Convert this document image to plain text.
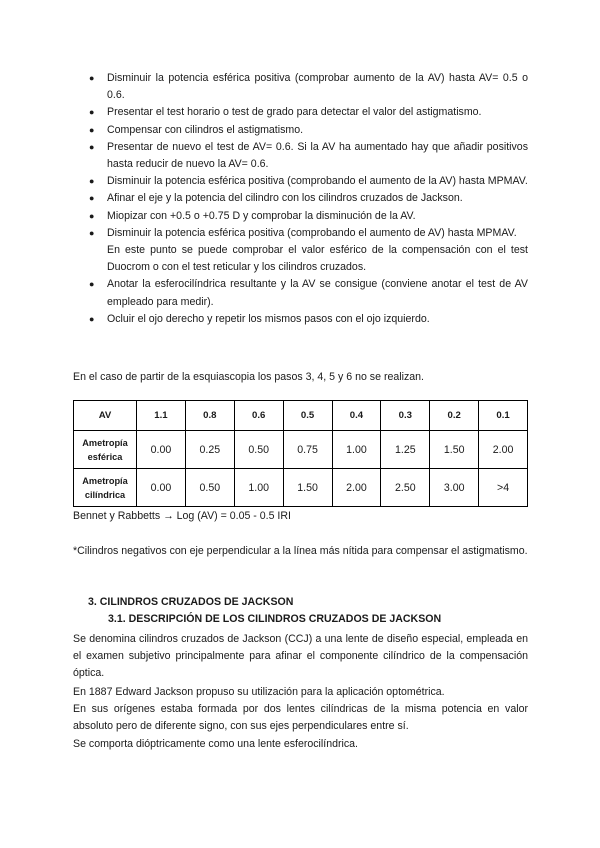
● Disminuir la potencia esférica positiva (comprobar aumento de la AV) hasta AV= 0.5 o 0.6.
● Presentar el test horario o test de grado para detectar el valor del astigmatismo.
● Compensar con cilindros el astigmatismo.
● Presentar de nuevo el test de AV= 0.6. Si la AV ha aumentado hay que añadir positivos hasta reducir de nuevo la AV= 0.6.
● Disminuir la potencia esférica positiva (comprobando el aumento de la AV) hasta MPMAV.
● Afinar el eje y la potencia del cilindro con los cilindros cruzados de Jackson.
● Miopizar con +0.5 o +0.75 D y comprobar la disminución de la AV.
● Disminuir la potencia esférica positiva (comprobando el aumento de AV) hasta MPMAV.
En este punto se puede comprobar el valor esférico de la compensación con el test Duocrom o con el test reticular y los cilindros cruzados.
● Anotar la esferocilíndrica resultante y la AV se consigue (conviene anotar el test de AV empleado para medir).
● Ocluir el ojo derecho y repetir los mismos pasos con el ojo izquierdo.

En el caso de partir de la esquiascopia los pasos 3, 4, 5 y 6 no se realizan.

AV	1.1	0.8	0.6	0.5	0.4	0.3	0.2	0.1
Ametropía esférica	0.00	0.25	0.50	0.75	1.00	1.25	1.50	2.00
Ametropía cilíndrica	0.00	0.50	1.00	1.50	2.00	2.50	3.00	>4

Bennet y Rabbetts → Log (AV) = 0.05 - 0.5 IRI

*Cilindros negativos con eje perpendicular a la línea más nítida para compensar el astigmatismo.

3. CILINDROS CRUZADOS DE JACKSON

3.1. DESCRIPCIÓN DE LOS CILINDROS CRUZADOS DE JACKSON

Se denomina cilindros cruzados de Jackson (CCJ) a una lente de diseño especial, empleada en el examen subjetivo principalmente para afinar el componente cilíndrico de la compensación óptica.

En 1887 Edward Jackson propuso su utilización para la aplicación optométrica.

En sus orígenes estaba formada por dos lentes cilíndricas de la misma potencia en valor absoluto pero de diferente signo, con sus ejes perpendiculares entre sí.

Se comporta dióptricamente como una lente esferocilíndrica.
